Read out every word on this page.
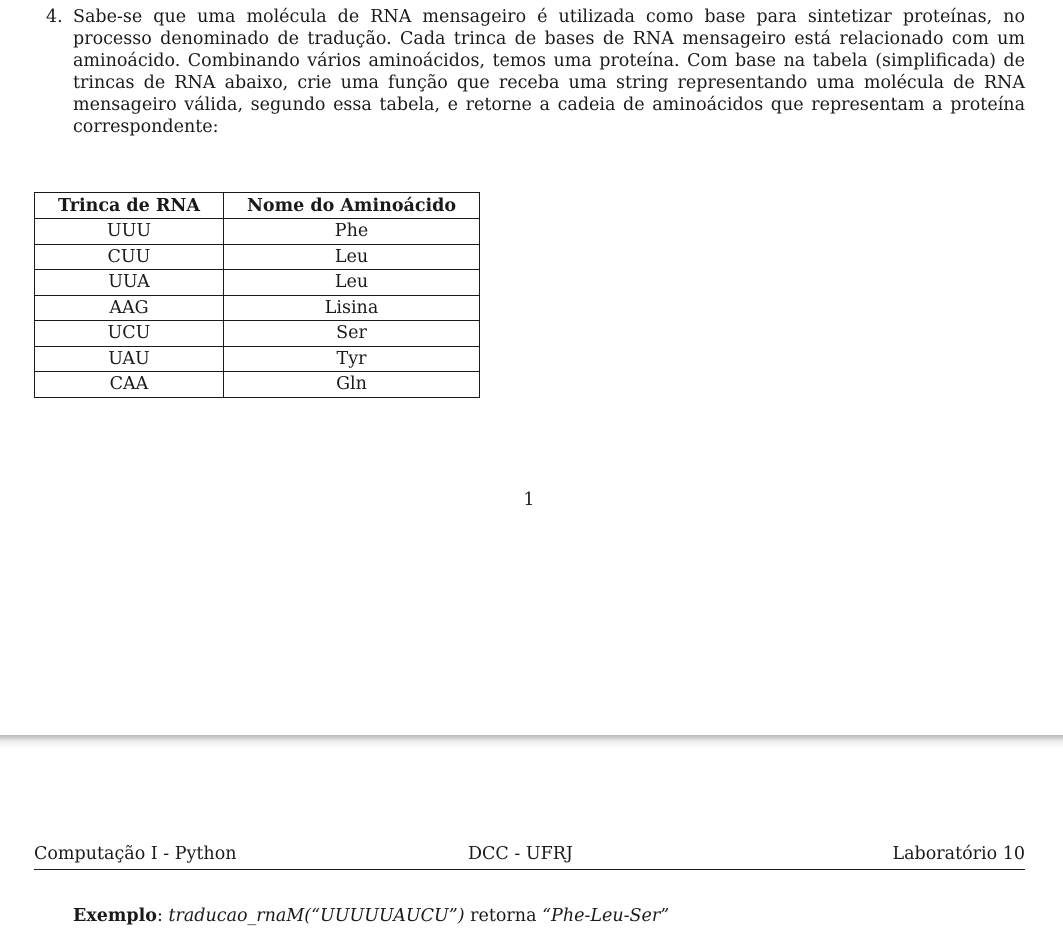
4. Sabe-se que uma molécula de RNA mensageiro é utilizada como base para sintetizar proteínas, no processo denominado de tradução. Cada trinca de bases de RNA mensageiro está relacionado com um aminoácido. Combinando vários aminoácidos, temos uma proteína. Com base na tabela (simplificada) de trincas de RNA abaixo, crie uma função que receba uma string representando uma molécula de RNA mensageiro válida, segundo essa tabela, e retorne a cadeia de aminoácidos que representam a proteína correspondente:

Trinca de RNA	Nome do Aminoácido
UUU	Phe
CUU	Leu
UUA	Leu
AAG	Lisina
UCU	Ser
UAU	Tyr
CAA	Gln
1
Computação I - Python	DCC - UFRJ	Laboratório 10
Exemplo: traducao_rnaM(“UUUUUAUCU”) retorna “Phe-Leu-Ser”
